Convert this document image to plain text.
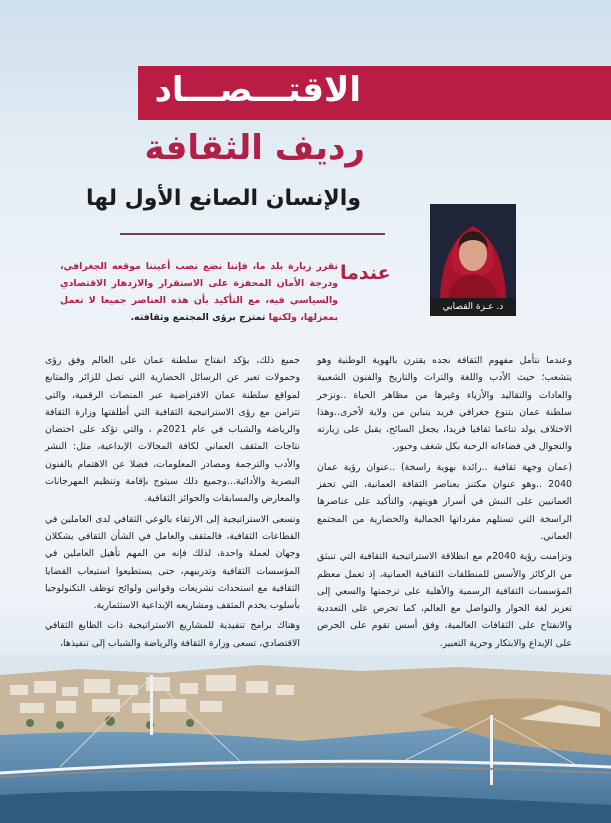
الاقتـــصـــاد
رديف الثقافة
والإنسان الصانع الأول لها
د. عـزة القصابي
عندما
نقرر زيارة بلد ما، فإننا نضع نصب أعيننا موقعه الجغرافي، ودرجة الأمان المحفزة على الاستقرار والازدهار الاقتصادي والسياسي فيه، مع التأكيد بأن هذه العناصر جميعا لا تعمل بمعزلها، ولكنها تمتزج برؤى المجتمع وثقافته.

وعندما نتأمل مفهوم الثقافة نجده يقترن بالهوية الوطنية وهو يتشعب؛ حيث الأدب واللغة والتراث والتاريخ والفنون الشعبية والعادات والتقاليد والأزياء وغيرها من مظاهر الحياة ..وتزخر سلطنة عمان بتنوع جغرافي فريد يتباين من ولاية لأخرى..وهذا الاختلاف يولد تناغما ثقافيا فريدا، يجعل السائح، يقبل على زيارته والتجوال في فضاءاته الرحبة بكل شغف وحبور.

(عمان وجهة ثقافية ..رائدة بهوية راسخة) ..عنوان رؤية عمان 2040 ..وهو عنوان مكتنز بعناصر الثقافة العمانية، التي تحفز العمانيين على النبش في أسرار هويتهم، والتأكيد على عناصرها الراسخة التي تستلهم مفرداتها الجمالية والحضارية من المجتمع العماني.

وتزامنت رؤية 2040م مع انطلاقة الاستراتيجية الثقافية التي تنبثق من الركائز والأسس للمنطلقات الثقافية العمانية، إذ تعمل معظم المؤسسات الثقافية الرسمية والأهلية على ترجمتها والسعي إلى تعزيز لغة الحوار والتواصل مع العالم، كما تحرص على التعددية والانفتاح على الثقافات العالمية، وفق أسس تقوم على الحرص على الإبداع والابتكار وحرية التعبير.

جميع ذلك، يؤكد انفتاح سلطنة عمان على العالم وفق رؤى وحمولات تعبر عن الرسائل الحضارية التي تصل للزائر والمتابع لمواقع سلطنة عمان الافتراضية عبر المنصات الرقمية، والتي تتزامن مع رؤى الاستراتيجية الثقافية التي أطلقتها وزارة الثقافة والرياضة والشباب في عام 2021م ، والتي تؤكد على احتضان نتاجات المثقف العماني لكافة المجالات الإبداعية، مثل: النشر والأدب والترجمة ومصادر المعلومات، فضلا عن الاهتمام بالفنون البصرية والأدائية...وجميع ذلك سيتوج بإقامة وتنظيم المهرجانات والمعارض والمسابقات والجوائز الثقافية.

وتسعى الاستراتيجية إلى الارتقاء بالوعي الثقافي لدى العاملين في القطاعات الثقافية، فالمثقف والعامل في الشأن الثقافي يشكلان وجهان لعملة واحدة، لذلك فإنه من المهم تأهيل العاملين في المؤسسات الثقافية وتدريبهم، حتى يستطيعوا استيعاب القضايا الثقافية مع استحداث تشريعات وقوانين ولوائح توظف التكنولوجيا بأسلوب يخدم المثقف ومشاريعه الإبداعية الاستثمارية.

وهناك برامج تنفيذية للمشاريع الاستراتيجية ذات الطابع الثقافي الاقتصادي، تسعى وزارة الثقافة والرياضة والشباب إلى تنفيذها،
